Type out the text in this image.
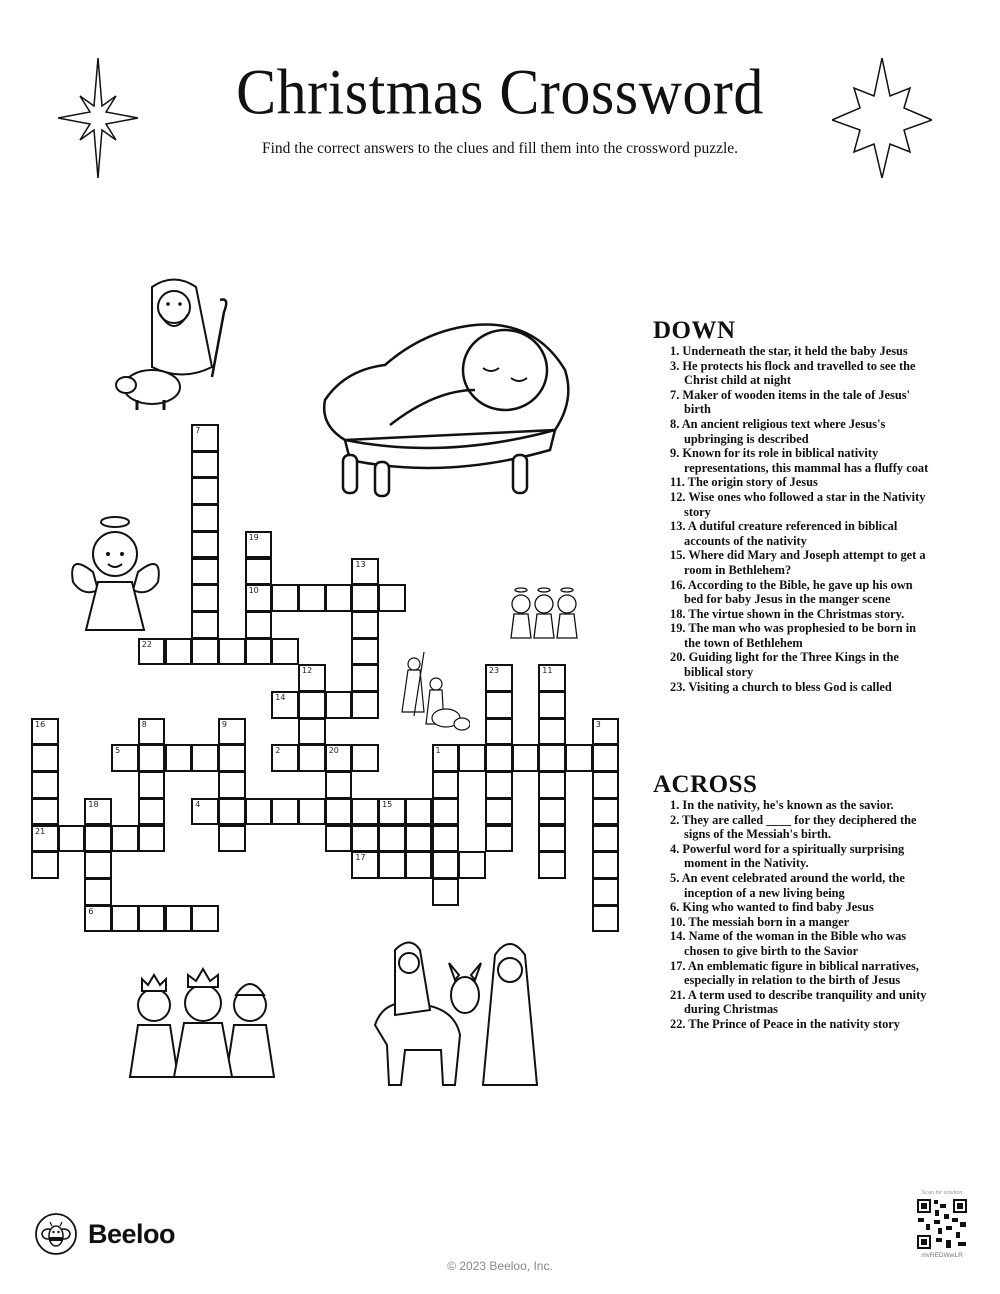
Christmas Crossword
Find the correct answers to the clues and fill them into the crossword puzzle.
7
19
10
13
22
12
14
23	11
3
1
2	20
16
21
8	9
5
4	15
17
18
6
DOWN
1. Underneath the star, it held the baby Jesus
3. He protects his flock and travelled to see the Christ child at night
7. Maker of wooden items in the tale of Jesus' birth
8. An ancient religious text where Jesus's upbringing is described
9. Known for its role in biblical nativity representations, this mammal has a fluffy coat
11. The origin story of Jesus
12. Wise ones who followed a star in the Nativity story
13. A dutiful creature referenced in biblical accounts of the nativity
15. Where did Mary and Joseph attempt to get a room in Bethlehem?
16. According to the Bible, he gave up his own bed for baby Jesus in the manger scene
18. The virtue shown in the Christmas story.
19. The man who was prophesied to be born in the town of Bethlehem
20. Guiding light for the Three Kings in the biblical story
23. Visiting a church to bless God is called
ACROSS
1. In the nativity, he's known as the savior.
2. They are called ____ for they deciphered the signs of the Messiah's birth.
4. Powerful word for a spiritually surprising moment in the Nativity.
5. An event celebrated around the world, the inception of a new living being
6. King who wanted to find baby Jesus
10. The messiah born in a manger
14. Name of the woman in the Bible who was chosen to give birth to the Savior
17. An emblematic figure in biblical narratives, especially in relation to the birth of Jesus
21. A term used to describe tranquility and unity during Christmas
22. The Prince of Peace in the nativity story
Beeloo
© 2023 Beeloo, Inc.
Scan for solution
mvREDWwLR
